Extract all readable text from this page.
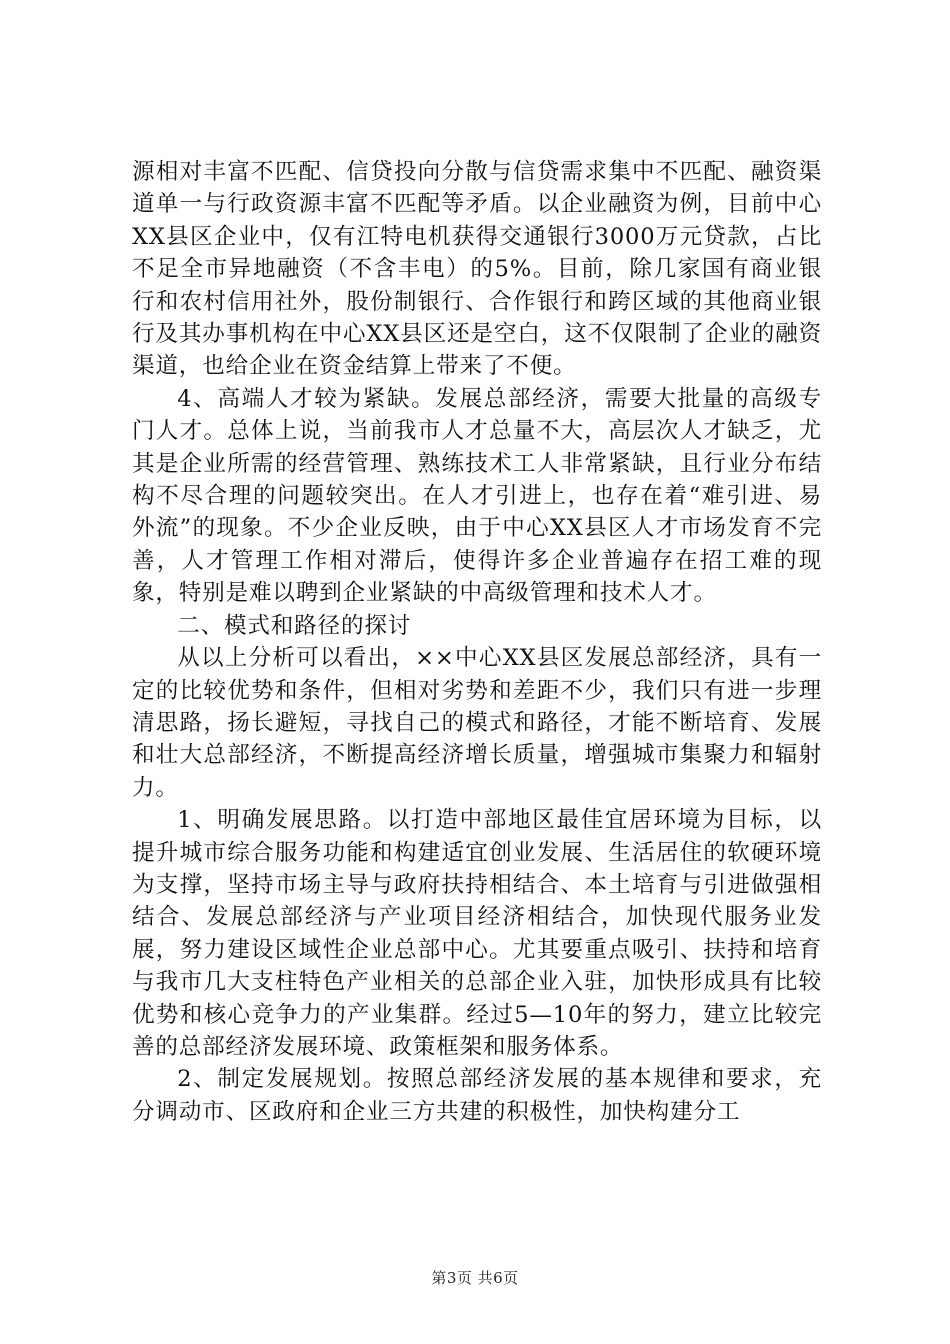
源相对丰富不匹配、信贷投向分散与信贷需求集中不匹配、融资渠道单一与行政资源丰富不匹配等矛盾。以企业融资为例，目前中心XX县区企业中，仅有江特电机获得交通银行3000万元贷款，占比不足全市异地融资（不含丰电）的5%。目前，除几家国有商业银行和农村信用社外，股份制银行、合作银行和跨区域的其他商业银行及其办事机构在中心XX县区还是空白，这不仅限制了企业的融资渠道，也给企业在资金结算上带来了不便。

4、高端人才较为紧缺。发展总部经济，需要大批量的高级专门人才。总体上说，当前我市人才总量不大，高层次人才缺乏，尤其是企业所需的经营管理、熟练技术工人非常紧缺，且行业分布结构不尽合理的问题较突出。在人才引进上，也存在着“难引进、易外流”的现象。不少企业反映，由于中心XX县区人才市场发育不完善，人才管理工作相对滞后，使得许多企业普遍存在招工难的现象，特别是难以聘到企业紧缺的中高级管理和技术人才。

二、模式和路径的探讨

从以上分析可以看出，××中心XX县区发展总部经济，具有一定的比较优势和条件，但相对劣势和差距不少，我们只有进一步理清思路，扬长避短，寻找自己的模式和路径，才能不断培育、发展和壮大总部经济，不断提高经济增长质量，增强城市集聚力和辐射力。

1、明确发展思路。以打造中部地区最佳宜居环境为目标，以提升城市综合服务功能和构建适宜创业发展、生活居住的软硬环境为支撑，坚持市场主导与政府扶持相结合、本土培育与引进做强相结合、发展总部经济与产业项目经济相结合，加快现代服务业发展，努力建设区域性企业总部中心。尤其要重点吸引、扶持和培育与我市几大支柱特色产业相关的总部企业入驻，加快形成具有比较优势和核心竞争力的产业集群。经过5—10年的努力，建立比较完善的总部经济发展环境、政策框架和服务体系。

2、制定发展规划。按照总部经济发展的基本规律和要求，充分调动市、区政府和企业三方共建的积极性，加快构建分工

第3页 共6页
